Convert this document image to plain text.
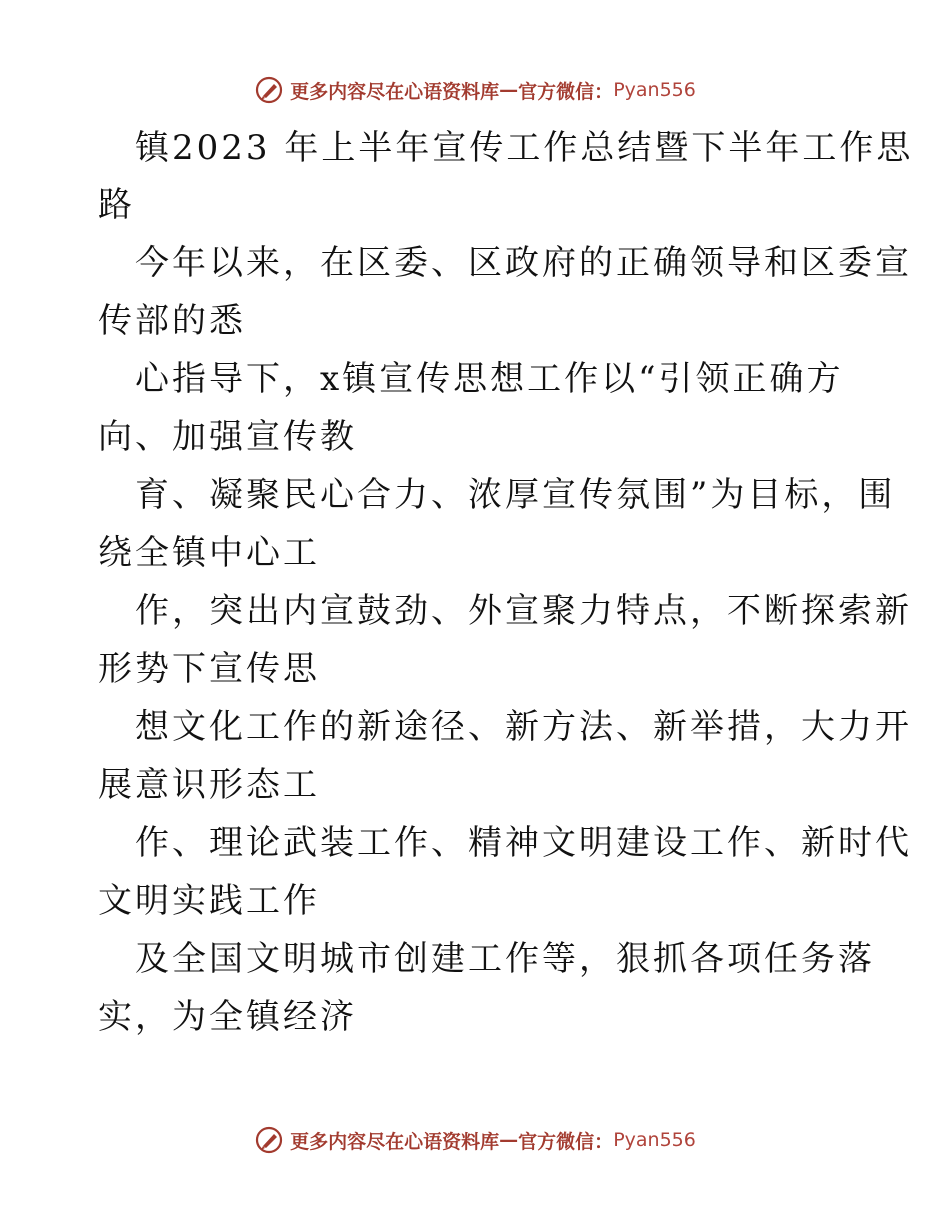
更多内容尽在心语资料库 — 官方微信： Pyan556
镇2023 年上半年宣传工作总结暨下半年工作思
路
今年以来，在区委、区政府的正确领导和区委宣
传部的悉
心指导下，x镇宣传思想工作以“引领正确方
向、加强宣传教
育、凝聚民心合力、浓厚宣传氛围”为目标，围
绕全镇中心工
作，突出内宣鼓劲、外宣聚力特点，不断探索新
形势下宣传思
想文化工作的新途径、新方法、新举措，大力开
展意识形态工
作、理论武装工作、精神文明建设工作、新时代
文明实践工作
及全国文明城市创建工作等，狠抓各项任务落
实，为全镇经济
更多内容尽在心语资料库 — 官方微信： Pyan556
